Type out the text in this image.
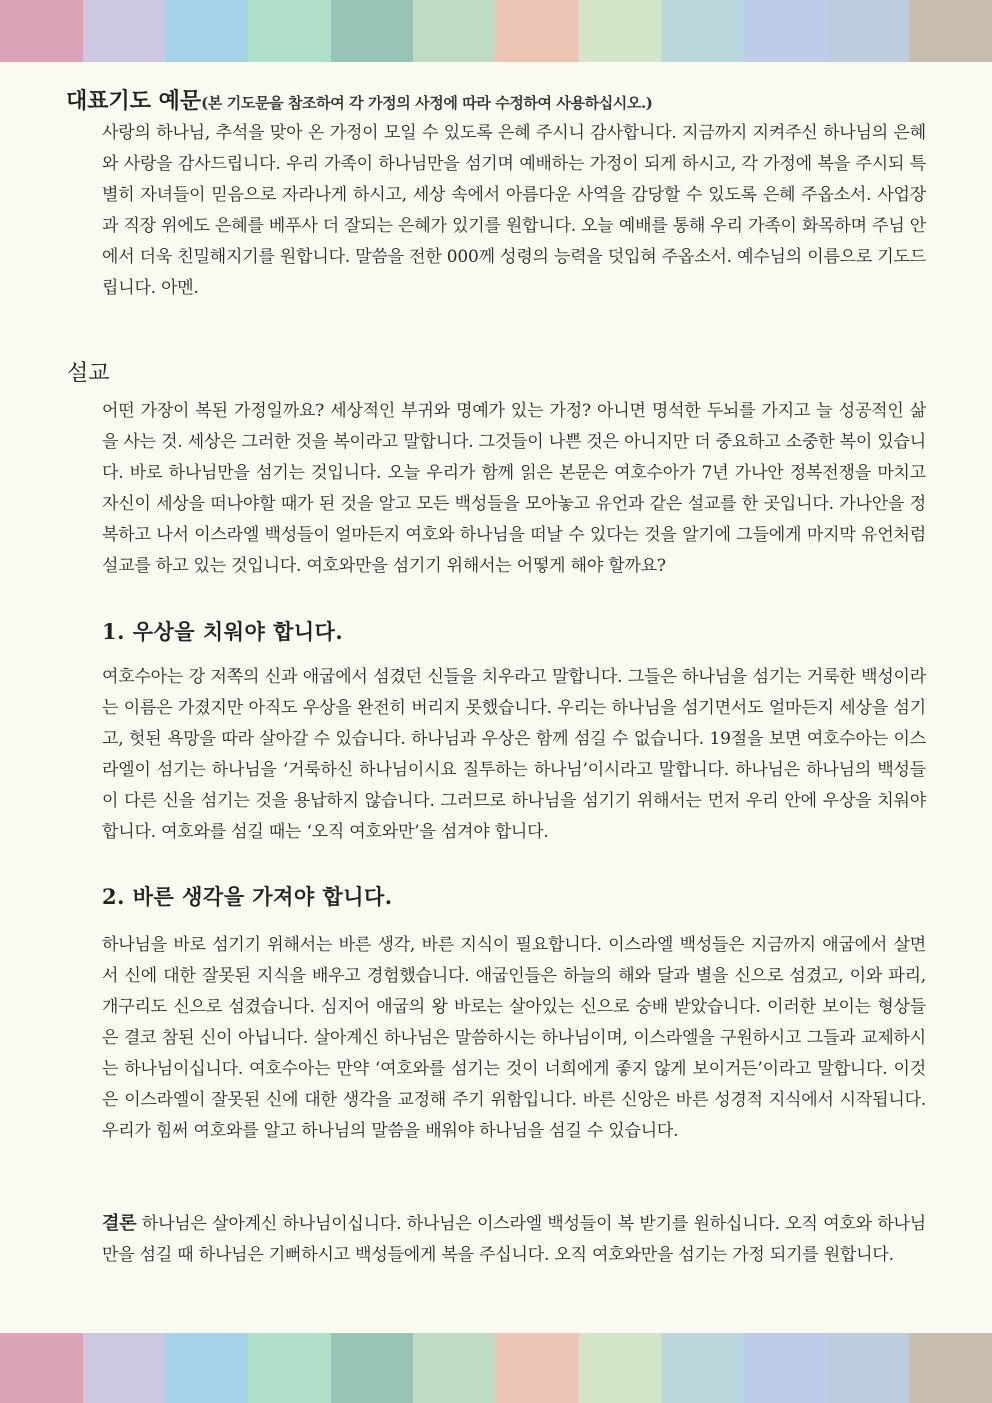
대표기도 예문(본 기도문을 참조하여 각 가정의 사정에 따라 수정하여 사용하십시오.)
사랑의 하나님, 추석을 맞아 온 가정이 모일 수 있도록 은혜 주시니 감사합니다. 지금까지 지켜주신 하나님의 은혜와 사랑을 감사드립니다. 우리 가족이 하나님만을 섬기며 예배하는 가정이 되게 하시고, 각 가정에 복을 주시되 특별히 자녀들이 믿음으로 자라나게 하시고, 세상 속에서 아름다운 사역을 감당할 수 있도록 은혜 주옵소서. 사업장과 직장 위에도 은혜를 베푸사 더 잘되는 은혜가 있기를 원합니다. 오늘 예배를 통해 우리 가족이 화목하며 주님 안에서 더욱 친밀해지기를 원합니다. 말씀을 전한 000께 성령의 능력을 덧입혀 주옵소서. 예수님의 이름으로 기도드립니다. 아멘.
설교
어떤 가장이 복된 가정일까요? 세상적인 부귀와 명예가 있는 가정? 아니면 명석한 두뇌를 가지고 늘 성공적인 삶을 사는 것. 세상은 그러한 것을 복이라고 말합니다. 그것들이 나쁜 것은 아니지만 더 중요하고 소중한 복이 있습니다. 바로 하나님만을 섬기는 것입니다. 오늘 우리가 함께 읽은 본문은 여호수아가 7년 가나안 정복전쟁을 마치고 자신이 세상을 떠나야할 때가 된 것을 알고 모든 백성들을 모아놓고 유언과 같은 설교를 한 곳입니다. 가나안을 정복하고 나서 이스라엘 백성들이 얼마든지 여호와 하나님을 떠날 수 있다는 것을 알기에 그들에게 마지막 유언처럼 설교를 하고 있는 것입니다. 여호와만을 섬기기 위해서는 어떻게 해야 할까요?
1. 우상을 치워야 합니다.
여호수아는 강 저쪽의 신과 애굽에서 섬겼던 신들을 치우라고 말합니다. 그들은 하나님을 섬기는 거룩한 백성이라는 이름은 가졌지만 아직도 우상을 완전히 버리지 못했습니다. 우리는 하나님을 섬기면서도 얼마든지 세상을 섬기고, 헛된 욕망을 따라 살아갈 수 있습니다. 하나님과 우상은 함께 섬길 수 없습니다. 19절을 보면 여호수아는 이스라엘이 섬기는 하나님을 ‘거룩하신 하나님이시요 질투하는 하나님’이시라고 말합니다. 하나님은 하나님의 백성들이 다른 신을 섬기는 것을 용납하지 않습니다. 그러므로 하나님을 섬기기 위해서는 먼저 우리 안에 우상을 치워야 합니다. 여호와를 섬길 때는 ‘오직 여호와만’을 섬겨야 합니다.
2. 바른 생각을 가져야 합니다.
하나님을 바로 섬기기 위해서는 바른 생각, 바른 지식이 필요합니다. 이스라엘 백성들은 지금까지 애굽에서 살면서 신에 대한 잘못된 지식을 배우고 경험했습니다. 애굽인들은 하늘의 해와 달과 별을 신으로 섬겼고, 이와 파리, 개구리도 신으로 섬겼습니다. 심지어 애굽의 왕 바로는 살아있는 신으로 숭배 받았습니다. 이러한 보이는 형상들은 결코 참된 신이 아닙니다. 살아계신 하나님은 말씀하시는 하나님이며, 이스라엘을 구원하시고 그들과 교제하시는 하나님이십니다. 여호수아는 만약 ‘여호와를 섬기는 것이 너희에게 좋지 않게 보이거든’이라고 말합니다. 이것은 이스라엘이 잘못된 신에 대한 생각을 교정해 주기 위함입니다. 바른 신앙은 바른 성경적 지식에서 시작됩니다. 우리가 힘써 여호와를 알고 하나님의 말씀을 배워야 하나님을 섬길 수 있습니다.
결론 하나님은 살아계신 하나님이십니다. 하나님은 이스라엘 백성들이 복 받기를 원하십니다. 오직 여호와 하나님만을 섬길 때 하나님은 기뻐하시고 백성들에게 복을 주십니다. 오직 여호와만을 섬기는 가정 되기를 원합니다.
